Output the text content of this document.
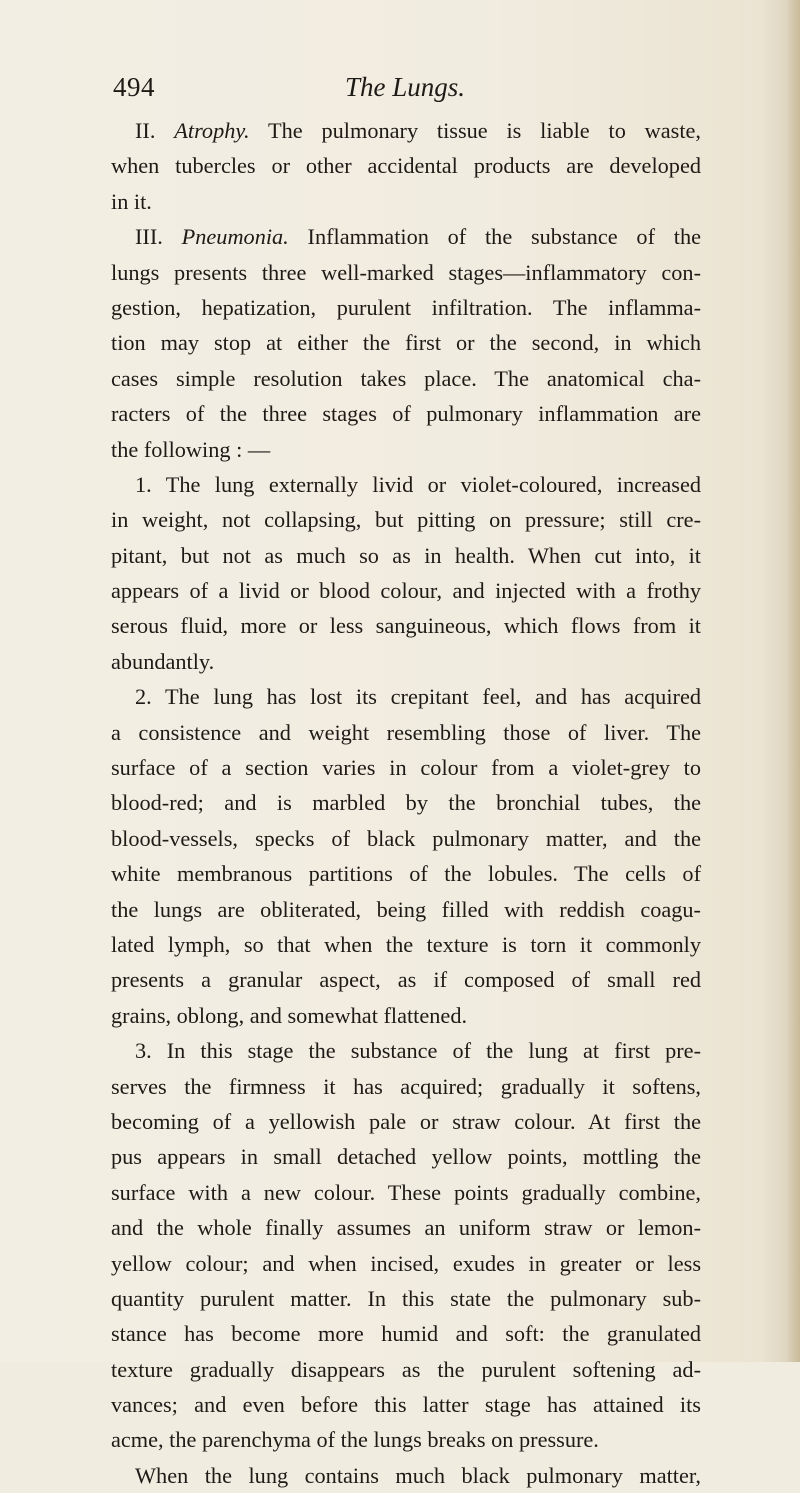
494	The Lungs.
II. Atrophy. The pulmonary tissue is liable to waste,
when tubercles or other accidental products are developed
in it.
III. Pneumonia. Inflammation of the substance of the
lungs presents three well-marked stages—inflammatory con-
gestion, hepatization, purulent infiltration. The inflamma-
tion may stop at either the first or the second, in which
cases simple resolution takes place. The anatomical cha-
racters of the three stages of pulmonary inflammation are
the following : —
1. The lung externally livid or violet-coloured, increased
in weight, not collapsing, but pitting on pressure; still cre-
pitant, but not as much so as in health. When cut into, it
appears of a livid or blood colour, and injected with a frothy
serous fluid, more or less sanguineous, which flows from it
abundantly.
2. The lung has lost its crepitant feel, and has acquired
a consistence and weight resembling those of liver. The
surface of a section varies in colour from a violet-grey to
blood-red; and is marbled by the bronchial tubes, the
blood-vessels, specks of black pulmonary matter, and the
white membranous partitions of the lobules. The cells of
the lungs are obliterated, being filled with reddish coagu-
lated lymph, so that when the texture is torn it commonly
presents a granular aspect, as if composed of small red
grains, oblong, and somewhat flattened.
3. In this stage the substance of the lung at first pre-
serves the firmness it has acquired; gradually it softens,
becoming of a yellowish pale or straw colour. At first the
pus appears in small detached yellow points, mottling the
surface with a new colour. These points gradually combine,
and the whole finally assumes an uniform straw or lemon-
yellow colour; and when incised, exudes in greater or less
quantity purulent matter. In this state the pulmonary sub-
stance has become more humid and soft: the granulated
texture gradually disappears as the purulent softening ad-
vances; and even before this latter stage has attained its
acme, the parenchyma of the lungs breaks on pressure.
When the lung contains much black pulmonary matter,
